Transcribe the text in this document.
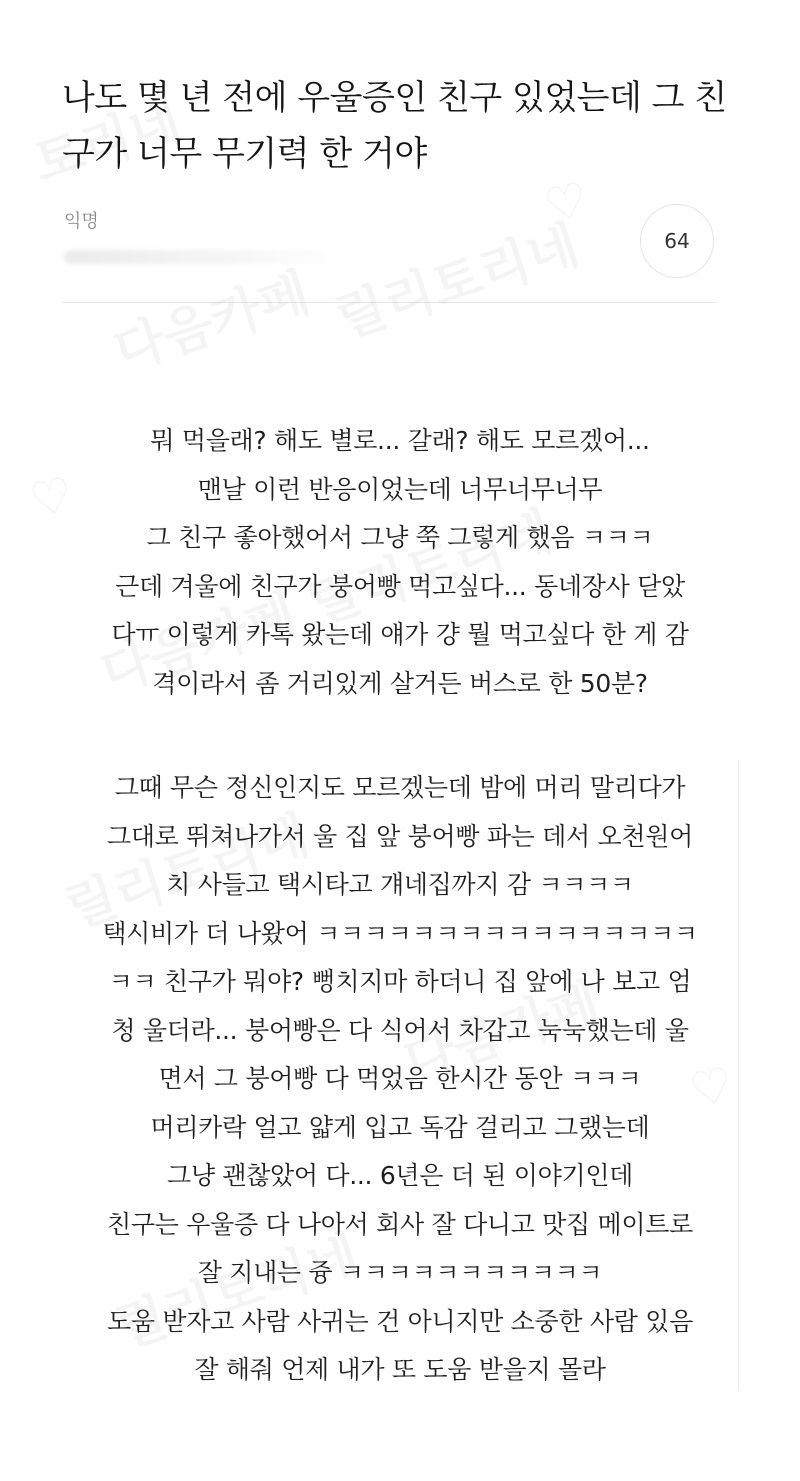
나도 몇 년 전에 우울증인 친구 있었는데 그 친
구가 너무 무기력 한 거야
익명
64

뭐 먹을래? 해도 별로... 갈래? 해도 모르겠어...
맨날 이런 반응이었는데 너무너무너무
그 친구 좋아했어서 그냥 쭉 그렇게 했음 ㅋㅋㅋ
근데 겨울에 친구가 붕어빵 먹고싶다... 동네장사 닫았
다ㅠ 이렇게 카톡 왔는데 얘가 걍 뭘 먹고싶다 한 게 감
격이라서 좀 거리있게 살거든 버스로 한 50분?

그때 무슨 정신인지도 모르겠는데 밤에 머리 말리다가
그대로 뛰쳐나가서 울 집 앞 붕어빵 파는 데서 오천원어
치 사들고 택시타고 걔네집까지 감 ㅋㅋㅋㅋ
택시비가 더 나왔어 ㅋㅋㅋㅋㅋㅋㅋㅋㅋㅋㅋㅋㅋㅋㅋㅋ
ㅋㅋ 친구가 뭐야? 뻥치지마 하더니 집 앞에 나 보고 엄
청 울더라... 붕어빵은 다 식어서 차갑고 눅눅했는데 울
면서 그 붕어빵 다 먹었음 한시간 동안 ㅋㅋㅋ
머리카락 얼고 얇게 입고 독감 걸리고 그랬는데
그냥 괜찮았어 다... 6년은 더 된 이야기인데
친구는 우울증 다 나아서 회사 잘 다니고 맛집 메이트로
잘 지내는 즁 ㅋㅋㅋㅋㅋㅋㅋㅋㅋㅋㅋ
도움 받자고 사람 사귀는 건 아니지만 소중한 사람 있음
잘 해줘 언제 내가 또 도움 받을지 몰라

♡
♡
♡
